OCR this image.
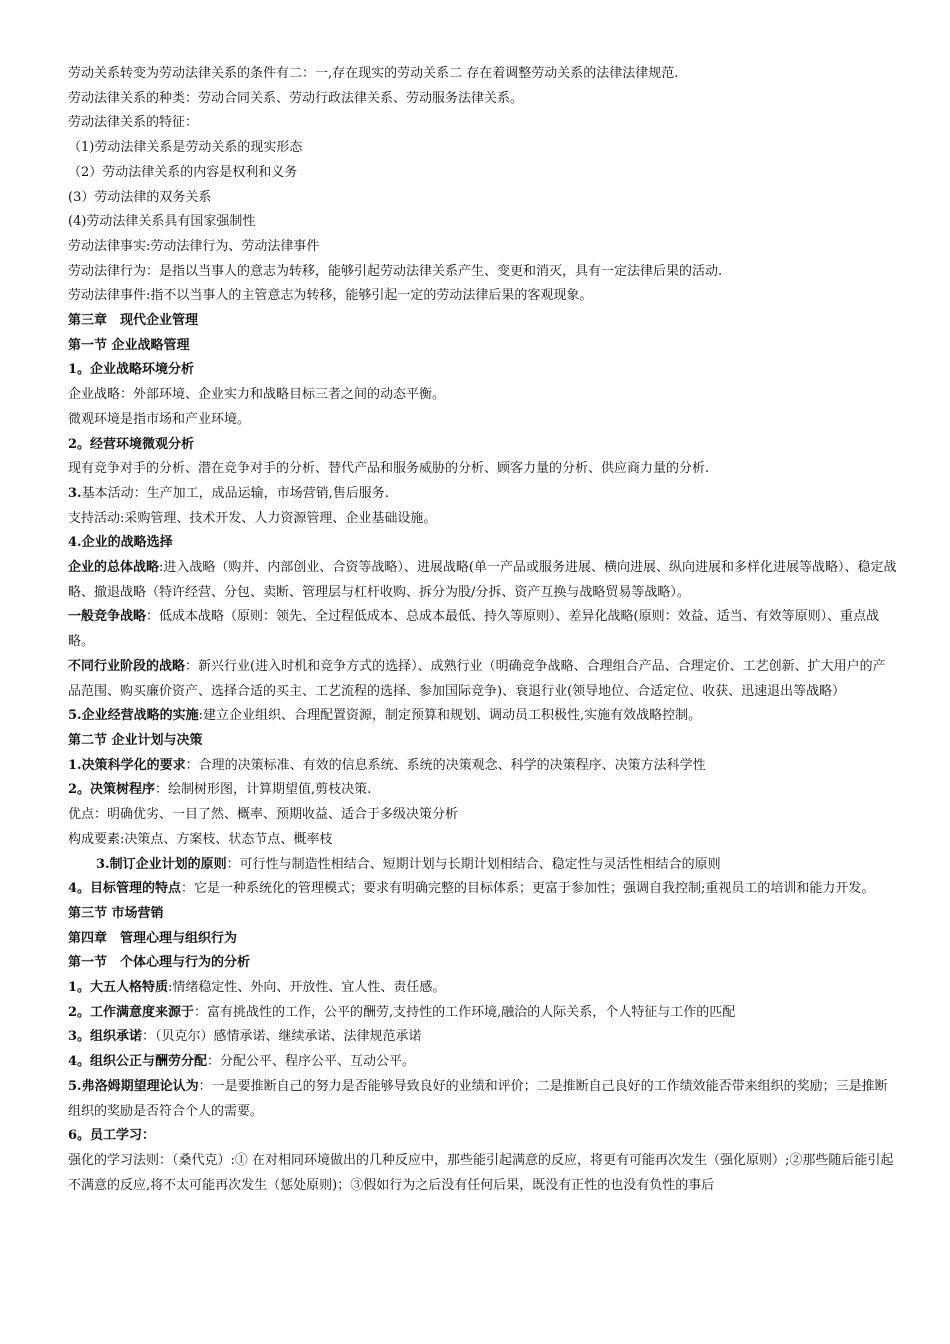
劳动关系转变为劳动法律关系的条件有二：一,存在现实的劳动关系二 存在着调整劳动关系的法律法律规范.
劳动法律关系的种类：劳动合同关系、劳动行政法律关系、劳动服务法律关系。
劳动法律关系的特征：
（1)劳动法律关系是劳动关系的现实形态
（2）劳动法律关系的内容是权利和义务
(3）劳动法律的双务关系
(4)劳动法律关系具有国家强制性
劳动法律事实:劳动法律行为、劳动法律事件
劳动法律行为：是指以当事人的意志为转移，能够引起劳动法律关系产生、变更和消灭，具有一定法律后果的活动.
劳动法律事件:指不以当事人的主管意志为转移，能够引起一定的劳动法律后果的客观现象。
第三章　现代企业管理
第一节 企业战略管理
1。企业战略环境分析
企业战略：外部环境、企业实力和战略目标三者之间的动态平衡。
微观环境是指市场和产业环境。
2。经营环境微观分析
现有竞争对手的分析、潜在竞争对手的分析、替代产品和服务威胁的分析、顾客力量的分析、供应商力量的分析.
3.基本活动：生产加工，成品运输，市场营销,售后服务.
支持活动:采购管理、技术开发、人力资源管理、企业基础设施。
4.企业的战略选择
企业的总体战略:进入战略（购并、内部创业、合资等战略）、进展战略(单一产品或服务进展、横向进展、纵向进展和多样化进展等战略）、稳定战略、撤退战略（特许经营、分包、卖断、管理层与杠杆收购、拆分为股/分拆、资产互换与战略贸易等战略）。
一般竞争战略：低成本战略（原则：领先、全过程低成本、总成本最低、持久等原则）、差异化战略(原则：效益、适当、有效等原则）、重点战略。
不同行业阶段的战略：新兴行业(进入时机和竞争方式的选择）、成熟行业（明确竞争战略、合理组合产品、合理定价、工艺创新、扩大用户的产品范围、购买廉价资产、选择合适的买主、工艺流程的选择、参加国际竞争)、衰退行业(领导地位、合适定位、收获、迅速退出等战略）
5.企业经营战略的实施:建立企业组织、合理配置资源，制定预算和规划、调动员工积极性,实施有效战略控制。
第二节 企业计划与决策
1.决策科学化的要求：合理的决策标准、有效的信息系统、系统的决策观念、科学的决策程序、决策方法科学性
2。决策树程序：绘制树形图，计算期望值,剪枝决策.
优点：明确优劣、一目了然、概率、预期收益、适合于多级决策分析
构成要素:决策点、方案枝、状态节点、概率枝
3.制订企业计划的原则：可行性与制造性相结合、短期计划与长期计划相结合、稳定性与灵活性相结合的原则
4。目标管理的特点：它是一种系统化的管理模式；要求有明确完整的目标体系；更富于参加性；强调自我控制;重视员工的培训和能力开发。
第三节 市场营销
第四章　管理心理与组织行为
第一节　个体心理与行为的分析
1。大五人格特质:情绪稳定性、外向、开放性、宜人性、责任感。
2。工作满意度来源于：富有挑战性的工作，公平的酬劳,支持性的工作环境,融洽的人际关系，个人特征与工作的匹配
3。组织承诺：（贝克尔）感情承诺、继续承诺、法律规范承诺
4。组织公正与酬劳分配：分配公平、程序公平、互动公平。
5.弗洛姆期望理论认为：一是要推断自己的努力是否能够导致良好的业绩和评价；二是推断自己良好的工作绩效能否带来组织的奖励；三是推断组织的奖励是否符合个人的需要。
6。员工学习：
强化的学习法则：（桑代克）:① 在对相同环境做出的几种反应中，那些能引起满意的反应，将更有可能再次发生（强化原则）;②那些随后能引起不满意的反应,将不太可能再次发生（惩处原则)；③假如行为之后没有任何后果，既没有正性的也没有负性的事后
